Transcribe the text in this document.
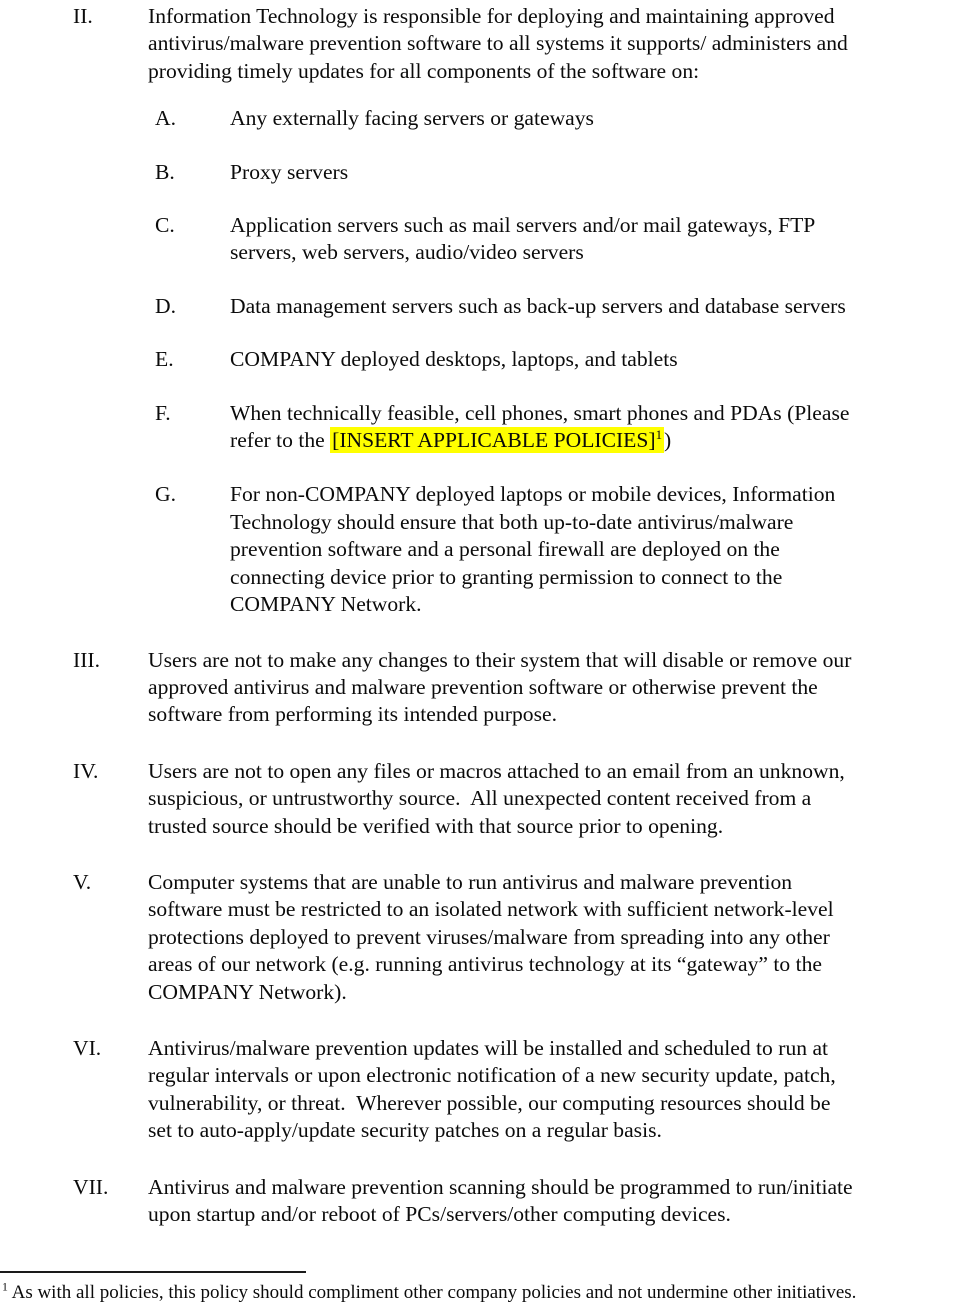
II.	Information Technology is responsible for deploying and maintaining approved
antivirus/malware prevention software to all systems it supports/ administers and
providing timely updates for all components of the software on:
A.	Any externally facing servers or gateways
B.	Proxy servers
C.	Application servers such as mail servers and/or mail gateways, FTP
servers, web servers, audio/video servers
D.	Data management servers such as back-up servers and database servers
E.	COMPANY deployed desktops, laptops, and tablets
F.	When technically feasible, cell phones, smart phones and PDAs (Please
refer to the [INSERT APPLICABLE POLICIES]$^1$)
G.	For non-COMPANY deployed laptops or mobile devices, Information
Technology should ensure that both up-to-date antivirus/malware
prevention software and a personal firewall are deployed on the
connecting device prior to granting permission to connect to the
COMPANY Network.
III.	Users are not to make any changes to their system that will disable or remove our
approved antivirus and malware prevention software or otherwise prevent the
software from performing its intended purpose.
IV.	Users are not to open any files or macros attached to an email from an unknown,
suspicious, or untrustworthy source.  All unexpected content received from a
trusted source should be verified with that source prior to opening.
V.	Computer systems that are unable to run antivirus and malware prevention
software must be restricted to an isolated network with sufficient network-level
protections deployed to prevent viruses/malware from spreading into any other
areas of our network (e.g. running antivirus technology at its “gateway” to the
COMPANY Network).
VI.	Antivirus/malware prevention updates will be installed and scheduled to run at
regular intervals or upon electronic notification of a new security update, patch,
vulnerability, or threat.  Wherever possible, our computing resources should be
set to auto-apply/update security patches on a regular basis.
VII.	Antivirus and malware prevention scanning should be programmed to run/initiate
upon startup and/or reboot of PCs/servers/other computing devices.
$^1$ As with all policies, this policy should compliment other company policies and not undermine other initiatives.
